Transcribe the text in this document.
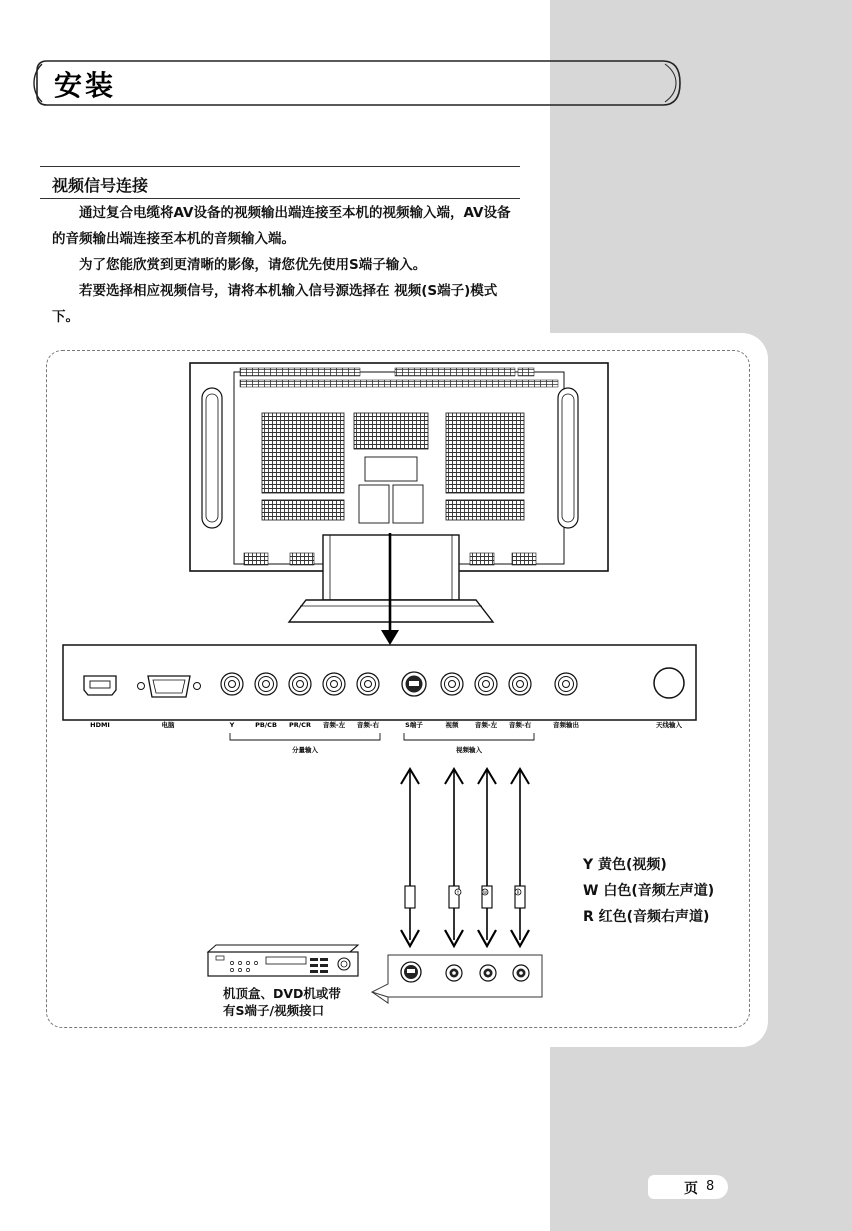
安装
视频信号连接

通过复合电缆将AV设备的视频输出端连接至本机的视频输入端，AV设备的音频输出端连接至本机的音频输入端。

为了您能欣赏到更清晰的影像，请您优先使用S端子输入。

若要选择相应视频信号，请将本机输入信号源选择在 视频(S端子)模式下。

HDMI	电脑	Y	PB/CB PR/CR 音频-左 音频-右	S端子	视频	音频-左 音频-右	音频输出	天线输入
分量输入	视频输入
Y	W	R
Y 黄色(视频)
W 白色(音频左声道)
R 红色(音频右声道)
机顶盒、DVD机或带
有S端子/视频接口
页 8
